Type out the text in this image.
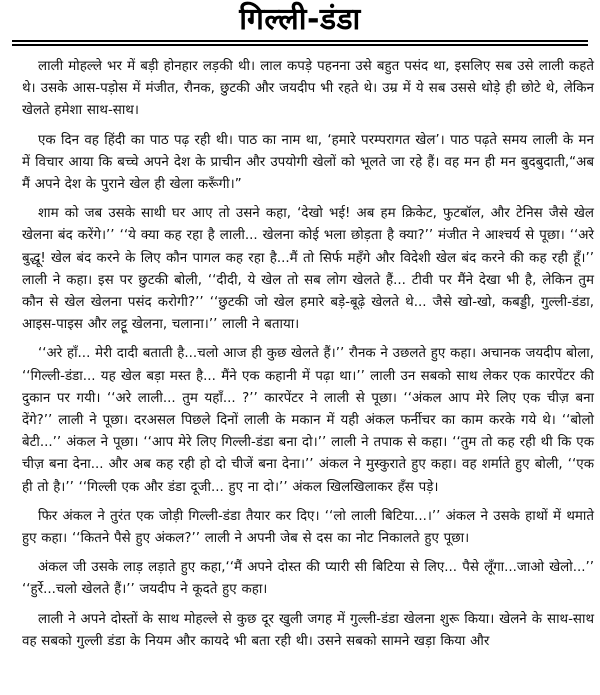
गिल्ली-डंडा

लाली मोहल्ले भर में बड़ी होनहार लड़की थी। लाल कपड़े पहनना उसे बहुत पसंद था, इसलिए सब उसे लाली कहते थे। उसके आस-पड़ोस में मंजीत, रौनक, छुटकी और जयदीप भी रहते थे। उम्र में ये सब उससे थोड़े ही छोटे थे, लेकिन खेलते हमेशा साथ-साथ।

एक दिन वह हिंदी का पाठ पढ़ रही थी। पाठ का नाम था, ‘हमारे परम्परागत खेल’। पाठ पढ़ते समय लाली के मन में विचार आया कि बच्चे अपने देश के प्राचीन और उपयोगी खेलों को भूलते जा रहे हैं। वह मन ही मन बुदबुदाती,“अब मैं अपने देश के पुराने खेल ही खेला करूँगी।”

शाम को जब उसके साथी घर आए तो उसने कहा, ‘देखो भई! अब हम क्रिकेट, फुटबॉल, और टेनिस जैसे खेल खेलना बंद करेंगे।’’ ‘‘ये क्या कह रहा है लाली... खेलना कोई भला छोड़ता है क्या?’’ मंजीत ने आश्चर्य से पूछा। ‘‘अरे बुद्धू! खेल बंद करने के लिए कौन पागल कह रहा है...मैं तो सिर्फ महँगे और विदेशी खेल बंद करने की कह रही हूँ।’’ लाली ने कहा। इस पर छुटकी बोली, ‘‘दीदी, ये खेल तो सब लोग खेलते हैं... टीवी पर मैंने देखा भी है, लेकिन तुम कौन से खेल खेलना पसंद करोगी?’’ ‘‘छुटकी जो खेल हमारे बड़े-बूढ़े खेलते थे... जैसे खो-खो, कबड्डी, गुल्ली-डंडा, आइस-पाइस और लट्टू खेलना, चलाना।’’ लाली ने बताया।

‘‘अरे हाँ... मेरी दादी बताती है...चलो आज ही कुछ खेलते हैं।’’ रौनक ने उछलते हुए कहा। अचानक जयदीप बोला, ‘‘गिल्ली-डंडा... यह खेल बड़ा मस्त है... मैंने एक कहानी में पढ़ा था।’’ लाली उन सबको साथ लेकर एक कारपेंटर की दुकान पर गयी। ‘‘अरे लाली... तुम यहाँ... ?’’ कारपेंटर ने लाली से पूछा। ‘‘अंकल आप मेरे लिए एक चीज़ बना देंगे?’’ लाली ने पूछा। दरअसल पिछले दिनों लाली के मकान में यही अंकल फर्नीचर का काम करके गये थे। ‘‘बोलो बेटी...’’ अंकल ने पूछा। ‘‘आप मेरे लिए गिल्ली-डंडा बना दो।’’ लाली ने तपाक से कहा। ‘‘तुम तो कह रही थी कि एक चीज़ बना देना... और अब कह रही हो दो चीजें बना देना।’’ अंकल ने मुस्कुराते हुए कहा। वह शर्माते हुए बोली, ‘‘एक ही तो है।’’ ‘‘गिल्ली एक और डंडा दूजी... हुए ना दो।’’ अंकल खिलखिलाकर हँस पड़े।

फिर अंकल ने तुरंत एक जोड़ी गिल्ली-डंडा तैयार कर दिए। ‘‘लो लाली बिटिया...।’’ अंकल ने उसके हाथों में थमाते हुए कहा। ‘‘कितने पैसे हुए अंकल?’’ लाली ने अपनी जेब से दस का नोट निकालते हुए पूछा।

अंकल जी उसके लाड़ लड़ाते हुए कहा,‘‘मैं अपने दोस्त की प्यारी सी बिटिया से लिए... पैसे लूँगा...जाओ खेलो...’’ ‘‘हुर्रे...चलो खेलते हैं।’’ जयदीप ने कूदते हुए कहा।

लाली ने अपने दोस्तों के साथ मोहल्ले से कुछ दूर खुली जगह में गुल्ली-डंडा खेलना शुरू किया। खेलने के साथ-साथ वह सबको गुल्ली डंडा के नियम और कायदे भी बता रही थी। उसने सबको सामने खड़ा किया और
